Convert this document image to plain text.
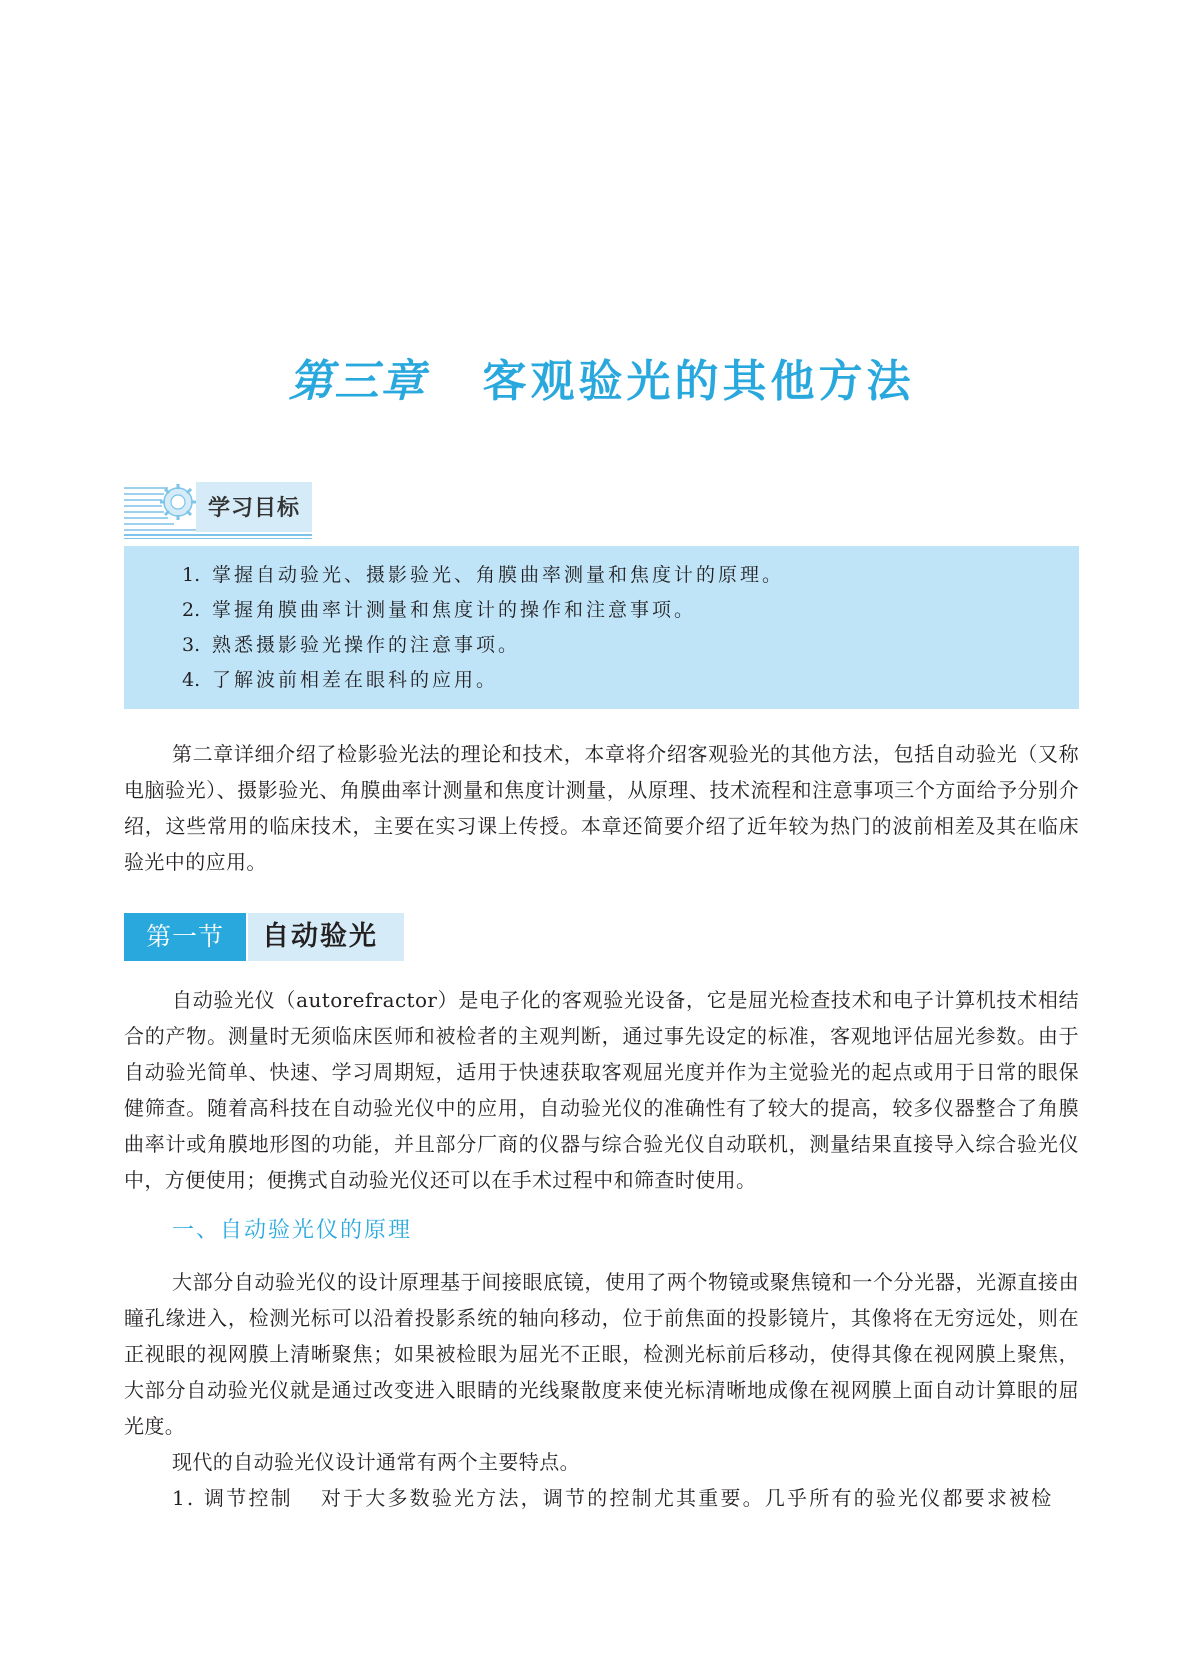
第三章 客观验光的其他方法
学习目标
1. 掌握自动验光、摄影验光、角膜曲率测量和焦度计的原理。
2. 掌握角膜曲率计测量和焦度计的操作和注意事项。
3. 熟悉摄影验光操作的注意事项。
4. 了解波前相差在眼科的应用。

第二章详细介绍了检影验光法的理论和技术，本章将介绍客观验光的其他方法，包括自动验光（又称电脑验光）、摄影验光、角膜曲率计测量和焦度计测量，从原理、技术流程和注意事项三个方面给予分别介绍，这些常用的临床技术，主要在实习课上传授。本章还简要介绍了近年较为热门的波前相差及其在临床验光中的应用。

第一节	自动验光

自动验光仪（autorefractor）是电子化的客观验光设备，它是屈光检查技术和电子计算机技术相结合的产物。测量时无须临床医师和被检者的主观判断，通过事先设定的标准，客观地评估屈光参数。由于自动验光简单、快速、学习周期短，适用于快速获取客观屈光度并作为主觉验光的起点或用于日常的眼保健筛查。随着高科技在自动验光仪中的应用，自动验光仪的准确性有了较大的提高，较多仪器整合了角膜曲率计或角膜地形图的功能，并且部分厂商的仪器与综合验光仪自动联机，测量结果直接导入综合验光仪中，方便使用；便携式自动验光仪还可以在手术过程中和筛查时使用。

一、自动验光仪的原理

大部分自动验光仪的设计原理基于间接眼底镜，使用了两个物镜或聚焦镜和一个分光器，光源直接由瞳孔缘进入，检测光标可以沿着投影系统的轴向移动，位于前焦面的投影镜片，其像将在无穷远处，则在正视眼的视网膜上清晰聚焦；如果被检眼为屈光不正眼，检测光标前后移动，使得其像在视网膜上聚焦，大部分自动验光仪就是通过改变进入眼睛的光线聚散度来使光标清晰地成像在视网膜上面自动计算眼的屈光度。

现代的自动验光仪设计通常有两个主要特点。

1. 调节控制 对于大多数验光方法，调节的控制尤其重要。几乎所有的验光仪都要求被检
